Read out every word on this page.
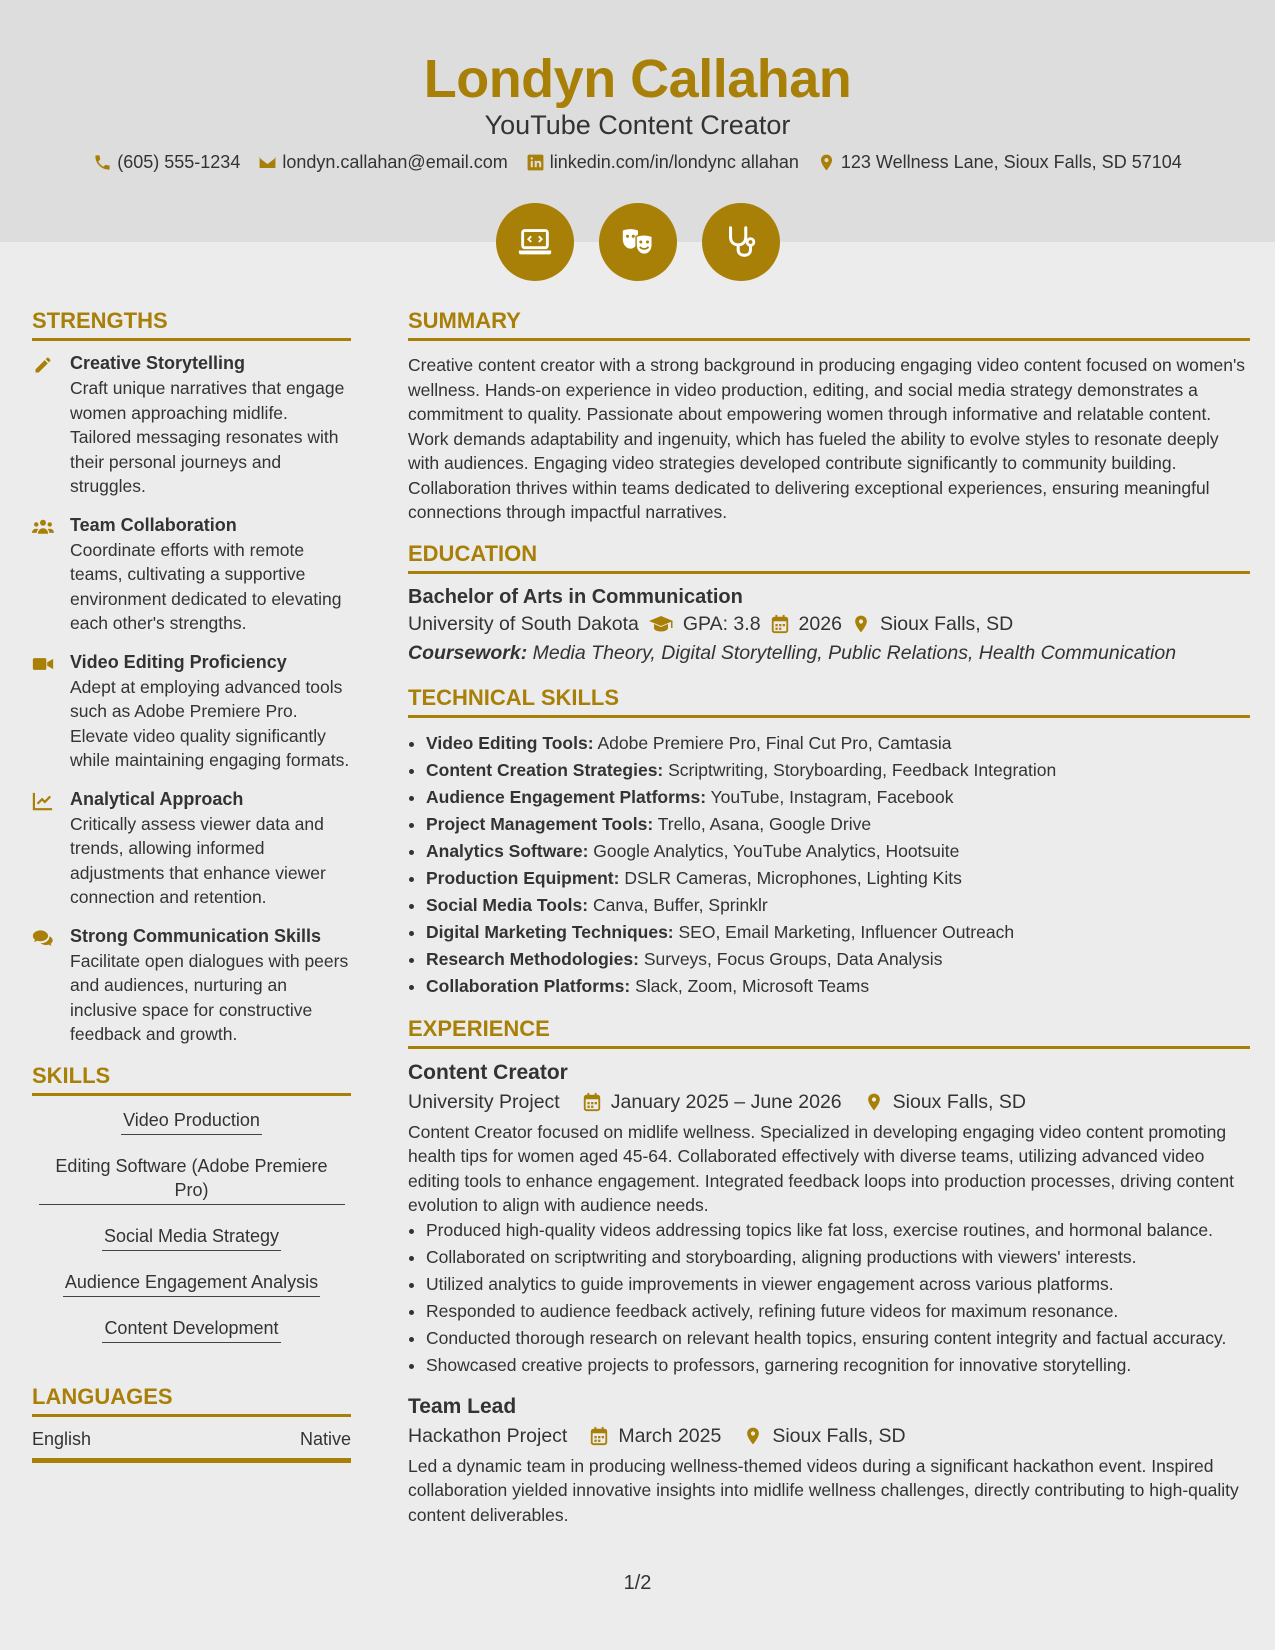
Londyn Callahan
YouTube Content Creator
(605) 555-1234 londyn.callahan@email.com linkedin.com/in/londync allahan 123 Wellness Lane, Sioux Falls, SD 57104
STRENGTHS
Creative Storytelling

Craft unique narratives that engage women approaching midlife. Tailored messaging resonates with their personal journeys and struggles.

Team Collaboration

Coordinate efforts with remote teams, cultivating a supportive environment dedicated to elevating each other's strengths.

Video Editing Proficiency

Adept at employing advanced tools such as Adobe Premiere Pro. Elevate video quality significantly while maintaining engaging formats.

Analytical Approach

Critically assess viewer data and trends, allowing informed adjustments that enhance viewer connection and retention.

Strong Communication Skills

Facilitate open dialogues with peers and audiences, nurturing an inclusive space for constructive feedback and growth.

SKILLS
Video Production Editing Software (Adobe Premiere Pro) Social Media Strategy Audience Engagement Analysis Content Development
LANGUAGES
English	Native
SUMMARY

Creative content creator with a strong background in producing engaging video content focused on women's wellness. Hands-on experience in video production, editing, and social media strategy demonstrates a commitment to quality. Passionate about empowering women through informative and relatable content. Work demands adaptability and ingenuity, which has fueled the ability to evolve styles to resonate deeply with audiences. Engaging video strategies developed contribute significantly to community building. Collaboration thrives within teams dedicated to delivering exceptional experiences, ensuring meaningful connections through impactful narratives.

EDUCATION
Bachelor of Arts in Communication
University of South Dakota GPA: 3.8 2026 Sioux Falls, SD
Coursework: Media Theory, Digital Storytelling, Public Relations, Health Communication
TECHNICAL SKILLS
• Video Editing Tools: Adobe Premiere Pro, Final Cut Pro, Camtasia
• Content Creation Strategies: Scriptwriting, Storyboarding, Feedback Integration
• Audience Engagement Platforms: YouTube, Instagram, Facebook
• Project Management Tools: Trello, Asana, Google Drive
• Analytics Software: Google Analytics, YouTube Analytics, Hootsuite
• Production Equipment: DSLR Cameras, Microphones, Lighting Kits
• Social Media Tools: Canva, Buffer, Sprinklr
• Digital Marketing Techniques: SEO, Email Marketing, Influencer Outreach
• Research Methodologies: Surveys, Focus Groups, Data Analysis
• Collaboration Platforms: Slack, Zoom, Microsoft Teams
EXPERIENCE
Content Creator
University Project	January 2025 – June 2026	Sioux Falls, SD

Content Creator focused on midlife wellness. Specialized in developing engaging video content promoting health tips for women aged 45-64. Collaborated effectively with diverse teams, utilizing advanced video editing tools to enhance engagement. Integrated feedback loops into production processes, driving content evolution to align with audience needs.

• Produced high-quality videos addressing topics like fat loss, exercise routines, and hormonal balance.
• Collaborated on scriptwriting and storyboarding, aligning productions with viewers' interests.
• Utilized analytics to guide improvements in viewer engagement across various platforms.
• Responded to audience feedback actively, refining future videos for maximum resonance.
• Conducted thorough research on relevant health topics, ensuring content integrity and factual accuracy.
• Showcased creative projects to professors, garnering recognition for innovative storytelling.
Team Lead
Hackathon Project	March 2025	Sioux Falls, SD

Led a dynamic team in producing wellness-themed videos during a significant hackathon event. Inspired collaboration yielded innovative insights into midlife wellness challenges, directly contributing to high-quality content deliverables.

1/2
